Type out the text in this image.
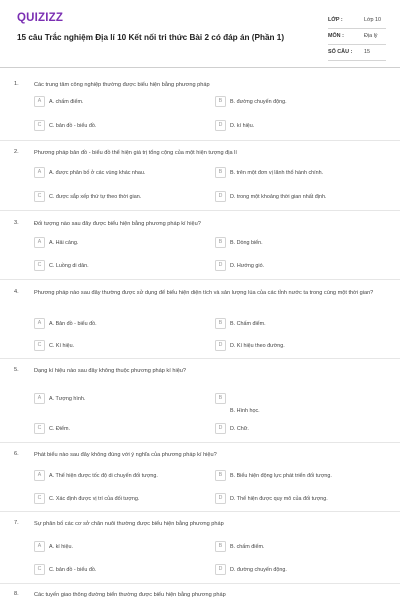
QUIZIZZ
15 câu Trắc nghiệm Địa lí 10 Kết nối tri thức Bài 2 có đáp án (Phần 1)
LỚP :	Lớp 10
MÔN :	Địa lý
SỐ CÂU : 15
1.	Các trung tâm công nghiệp thường được biểu hiện bằng phương pháp
A	A. chấm điểm.	B	B. đường chuyển động.
C	C. bản đồ - biểu đồ.	D	D. kí hiệu.
2.	Phương pháp bản đồ - biểu đồ thể hiện giá trị tổng cộng của một hiện tượng địa lí
A	A. được phân bố ở các vùng khác nhau.	B	B. trên một đơn vị lãnh thổ hành chính.
C	C. được sắp xếp thứ tự theo thời gian.	D	D. trong một khoảng thời gian nhất định.
3.	Đối tượng nào sau đây được biểu hiện bằng phương pháp kí hiệu?
A	A. Hải cảng.	B	B. Dòng biển.
C	C. Luồng di dân.	D	D. Hướng gió.
4.	Phương pháp nào sau đây thường được sử dụng để biểu hiện diện tích và sản lượng lúa của các tỉnh nước ta trong cùng một thời gian?
A	A. Bản đồ - biểu đồ.	B	B. Chấm điểm.
C	C. Kí hiệu.	D	D. Kí hiệu theo đường.
5.	Dạng kí hiệu nào sau đây không thuộc phương pháp kí hiệu?
A	A. Tượng hình.	B
B. Hình học.
C	C. Điểm.	D	D. Chữ.
6.	Phát biểu nào sau đây không đúng với ý nghĩa của phương pháp kí hiệu?
A	A. Thể hiện được tốc độ di chuyển đối tượng.	B	B. Biểu hiện động lực phát triển đối tượng.
C	C. Xác định được vị trí của đối tượng.	D	D. Thể hiện được quy mô của đối tượng.
7.	Sự phân bố các cơ sở chăn nuôi thường được biểu hiện bằng phương pháp
A	A. kí hiệu.	B	B. chấm điểm.
C	C. bản đồ - biểu đồ.	D	D. đường chuyển động.
8.	Các tuyến giao thông đường biển thường được biểu hiện bằng phương pháp
